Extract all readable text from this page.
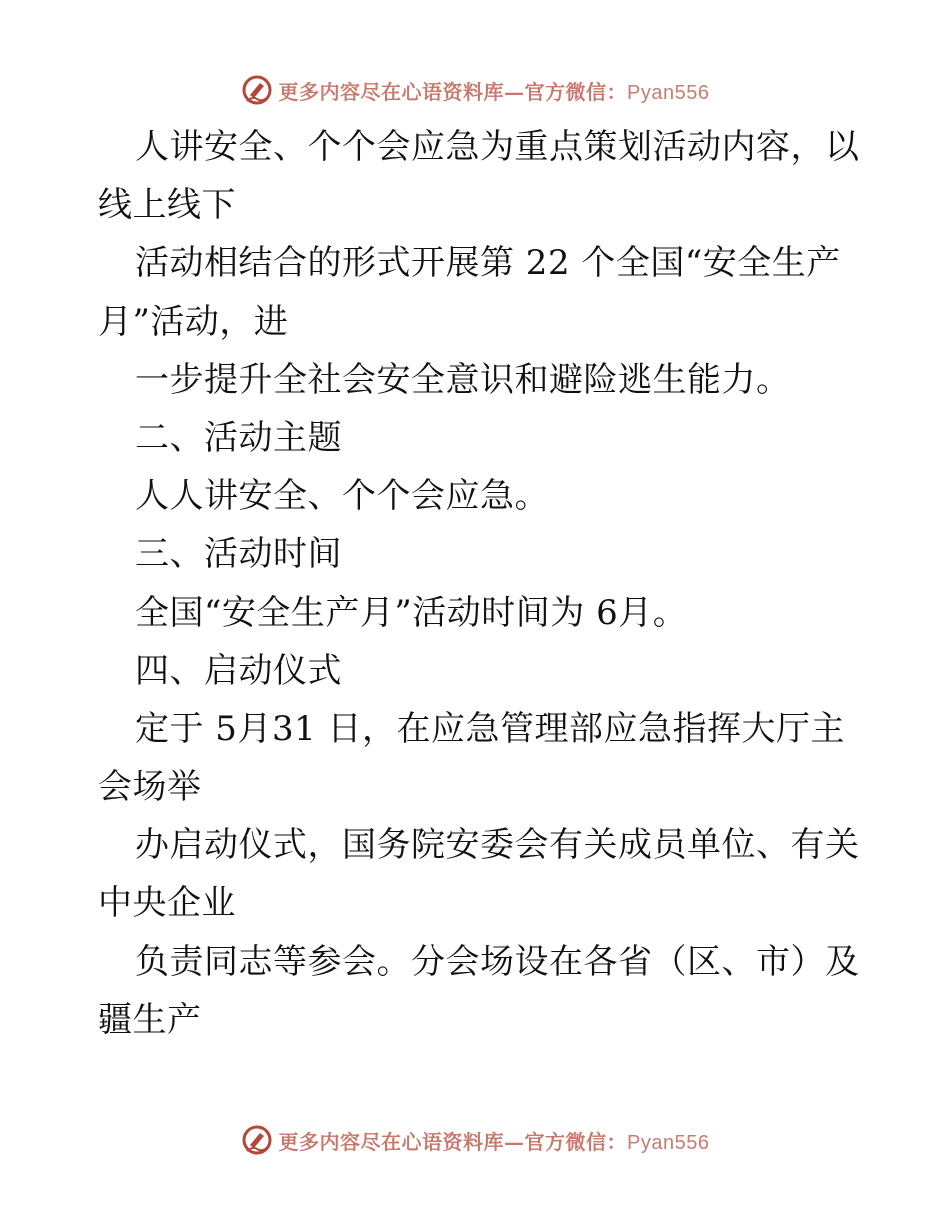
更多内容尽在心语资料库—官方微信：Pyan556
人讲安全、个个会应急为重点策划活动内容，以
线上线下
活动相结合的形式开展第 22 个全国“安全生产
月”活动，进
一步提升全社会安全意识和避险逃生能力。
二、活动主题
人人讲安全、个个会应急。
三、活动时间
全国“安全生产月”活动时间为 6月。
四、启动仪式
定于 5月31 日，在应急管理部应急指挥大厅主
会场举
办启动仪式，国务院安委会有关成员单位、有关
中央企业
负责同志等参会。分会场设在各省（区、市）及
疆生产
更多内容尽在心语资料库—官方微信：Pyan556
